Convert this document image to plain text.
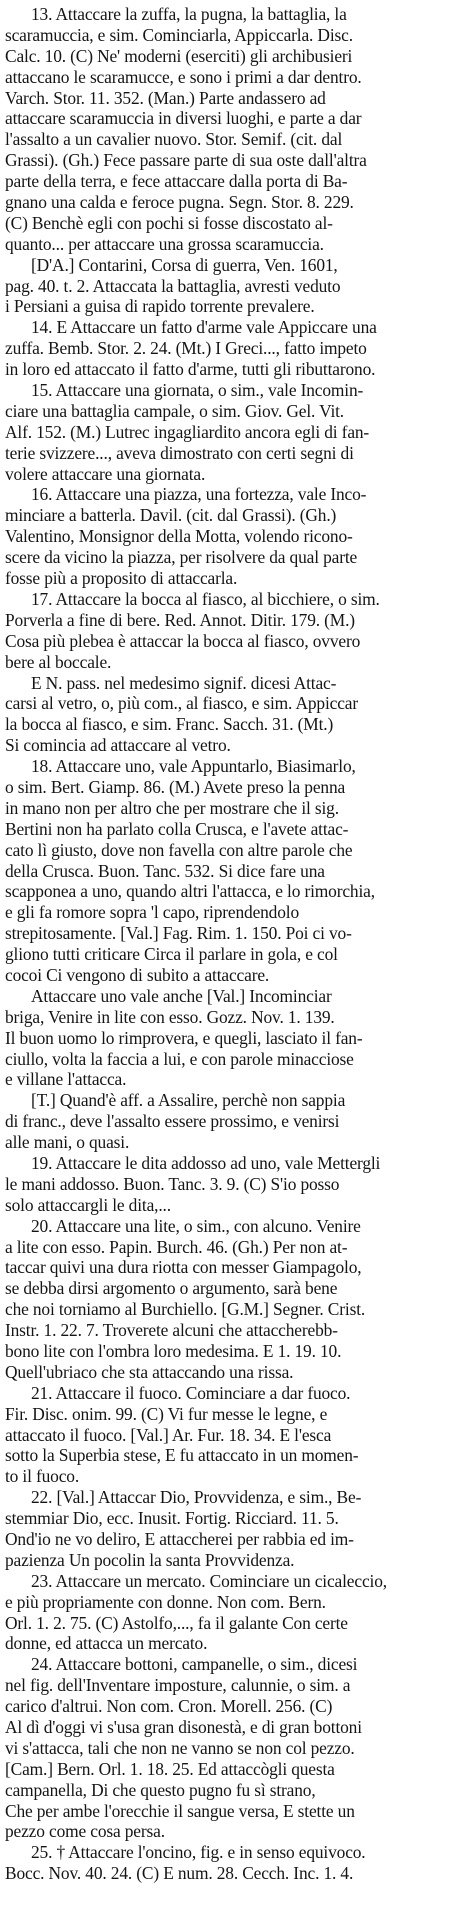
13. Attaccare la zuffa, la pugna, la battaglia, la
scaramuccia, e sim. Cominciarla, Appiccarla. Disc.
Calc. 10. (C) Ne' moderni (eserciti) gli archibusieri
attaccano le scaramucce, e sono i primi a dar dentro.
Varch. Stor. 11. 352. (Man.) Parte andassero ad
attaccare scaramuccia in diversi luoghi, e parte a dar
l'assalto a un cavalier nuovo. Stor. Semif. (cit. dal
Grassi). (Gh.) Fece passare parte di sua oste dall'altra
parte della terra, e fece attaccare dalla porta di Ba-
gnano una calda e feroce pugna. Segn. Stor. 8. 229.
(C) Benchè egli con pochi si fosse discostato al-
quanto... per attaccare una grossa scaramuccia.
[D'A.] Contarini, Corsa di guerra, Ven. 1601,
pag. 40. t. 2. Attaccata la battaglia, avresti veduto
i Persiani a guisa di rapido torrente prevalere.
14. E Attaccare un fatto d'arme vale Appiccare una
zuffa. Bemb. Stor. 2. 24. (Mt.) I Greci..., fatto impeto
in loro ed attaccato il fatto d'arme, tutti gli ributtarono.
15. Attaccare una giornata, o sim., vale Incomin-
ciare una battaglia campale, o sim. Giov. Gel. Vit.
Alf. 152. (M.) Lutrec ingagliardito ancora egli di fan-
terie svizzere..., aveva dimostrato con certi segni di
volere attaccare una giornata.
16. Attaccare una piazza, una fortezza, vale Inco-
minciare a batterla. Davil. (cit. dal Grassi). (Gh.)
Valentino, Monsignor della Motta, volendo ricono-
scere da vicino la piazza, per risolvere da qual parte
fosse più a proposito di attaccarla.
17. Attaccare la bocca al fiasco, al bicchiere, o sim.
Porverla a fine di bere. Red. Annot. Ditir. 179. (M.)
Cosa più plebea è attaccar la bocca al fiasco, ovvero
bere al boccale.
E N. pass. nel medesimo signif. dicesi Attac-
carsi al vetro, o, più com., al fiasco, e sim. Appiccar
la bocca al fiasco, e sim. Franc. Sacch. 31. (Mt.)
Si comincia ad attaccare al vetro.
18. Attaccare uno, vale Appuntarlo, Biasimarlo,
o sim. Bert. Giamp. 86. (M.) Avete preso la penna
in mano non per altro che per mostrare che il sig.
Bertini non ha parlato colla Crusca, e l'avete attac-
cato lì giusto, dove non favella con altre parole che
della Crusca. Buon. Tanc. 532. Si dice fare una
scapponea a uno, quando altri l'attacca, e lo rimorchia,
e gli fa romore sopra 'l capo, riprendendolo
strepitosamente. [Val.] Fag. Rim. 1. 150. Poi ci vo-
gliono tutti criticare Circa il parlare in gola, e col
cocoi Ci vengono di subito a attaccare.
Attaccare uno vale anche [Val.] Incominciar
briga, Venire in lite con esso. Gozz. Nov. 1. 139.
Il buon uomo lo rimprovera, e quegli, lasciato il fan-
ciullo, volta la faccia a lui, e con parole minacciose
e villane l'attacca.
[T.] Quand'è aff. a Assalire, perchè non sappia
di franc., deve l'assalto essere prossimo, e venirsi
alle mani, o quasi.
19. Attaccare le dita addosso ad uno, vale Mettergli
le mani addosso. Buon. Tanc. 3. 9. (C) S'io posso
solo attaccargli le dita,...
20. Attaccare una lite, o sim., con alcuno. Venire
a lite con esso. Papin. Burch. 46. (Gh.) Per non at-
taccar quivi una dura riotta con messer Giampagolo,
se debba dirsi argomento o argumento, sarà bene
che noi torniamo al Burchiello. [G.M.] Segner. Crist.
Instr. 1. 22. 7. Troverete alcuni che attaccherebb-
bono lite con l'ombra loro medesima. E 1. 19. 10.
Quell'ubriaco che sta attaccando una rissa.
21. Attaccare il fuoco. Cominciare a dar fuoco.
Fir. Disc. onim. 99. (C) Vi fur messe le legne, e
attaccato il fuoco. [Val.] Ar. Fur. 18. 34. E l'esca
sotto la Superbia stese, E fu attaccato in un momen-
to il fuoco.
22. [Val.] Attaccar Dio, Provvidenza, e sim., Be-
stemmiar Dio, ecc. Inusit. Fortig. Ricciard. 11. 5.
Ond'io ne vo deliro, E attaccherei per rabbia ed im-
pazienza Un pocolin la santa Provvidenza.
23. Attaccare un mercato. Cominciare un cicaleccio,
e più propriamente con donne. Non com. Bern.
Orl. 1. 2. 75. (C) Astolfo,..., fa il galante Con certe
donne, ed attacca un mercato.
24. Attaccare bottoni, campanelle, o sim., dicesi
nel fig. dell'Inventare imposture, calunnie, o sim. a
carico d'altrui. Non com. Cron. Morell. 256. (C)
Al dì d'oggi vi s'usa gran disonestà, e di gran bottoni
vi s'attacca, tali che non ne vanno se non col pezzo.
[Cam.] Bern. Orl. 1. 18. 25. Ed attaccògli questa
campanella, Di che questo pugno fu sì strano,
Che per ambe l'orecchie il sangue versa, E stette un
pezzo come cosa persa.
25. † Attaccare l'oncino, fig. e in senso equivoco.
Bocc. Nov. 40. 24. (C) E num. 28. Cecch. Inc. 1. 4.
